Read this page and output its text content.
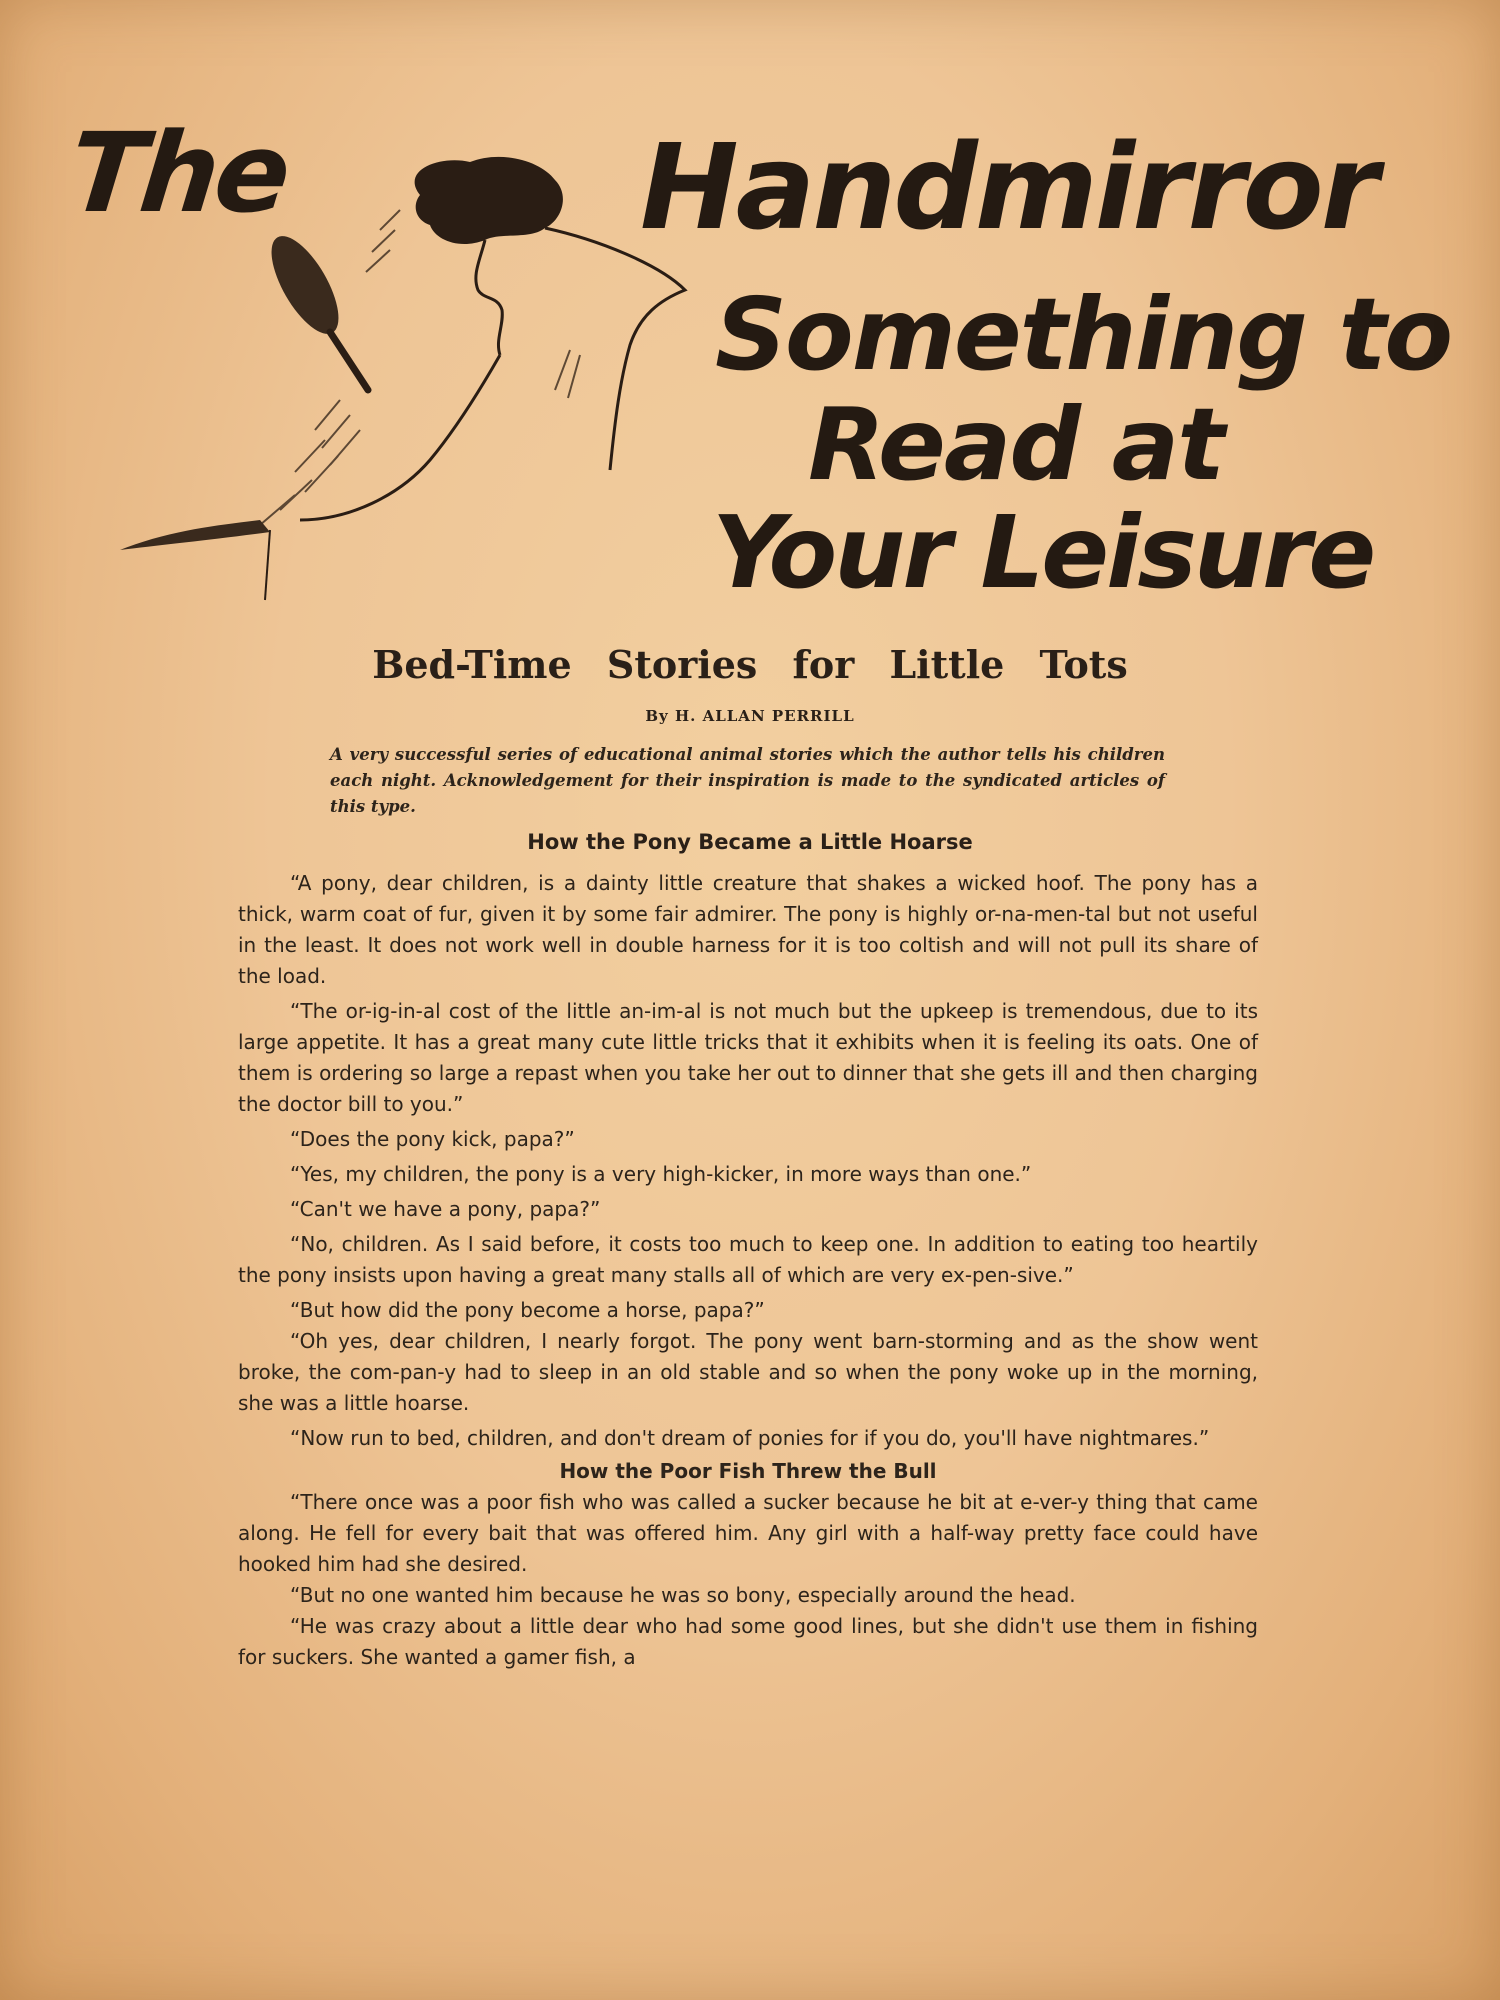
The	Handmirror
Something to
Read at
Your Leisure
Bed-Time Stories for Little Tots
By H. ALLAN PERRILL

A very successful series of educational animal stories which the author tells his children each night. Acknowledgement for their inspiration is made to the syndicated articles of this type.

How the Pony Became a Little Hoarse

“A pony, dear children, is a dainty little creature that shakes a wicked hoof. The pony has a thick, warm coat of fur, given it by some fair admirer. The pony is highly or-na-men-tal but not useful in the least. It does not work well in double harness for it is too coltish and will not pull its share of the load.

“The or-ig-in-al cost of the little an-im-al is not much but the upkeep is tremendous, due to its large appetite. It has a great many cute little tricks that it exhibits when it is feeling its oats. One of them is ordering so large a repast when you take her out to dinner that she gets ill and then charging the doctor bill to you.”

“Does the pony kick, papa?”

“Yes, my children, the pony is a very high-kicker, in more ways than one.”

“Can't we have a pony, papa?”

“No, children. As I said before, it costs too much to keep one. In addition to eating too heartily the pony insists upon having a great many stalls all of which are very ex-pen-sive.”

“But how did the pony become a horse, papa?”

“Oh yes, dear children, I nearly forgot. The pony went barn-storming and as the show went broke, the com-pan-y had to sleep in an old stable and so when the pony woke up in the morning, she was a little hoarse.

“Now run to bed, children, and don't dream of ponies for if you do, you'll have nightmares.”

How the Poor Fish Threw the Bull

“There once was a poor fish who was called a sucker because he bit at e-ver-y thing that came along. He fell for every bait that was offered him. Any girl with a half-way pretty face could have hooked him had she desired.

“But no one wanted him because he was so bony, especially around the head.

“He was crazy about a little dear who had some good lines, but she didn't use them in fishing for suckers. She wanted a gamer fish, a
